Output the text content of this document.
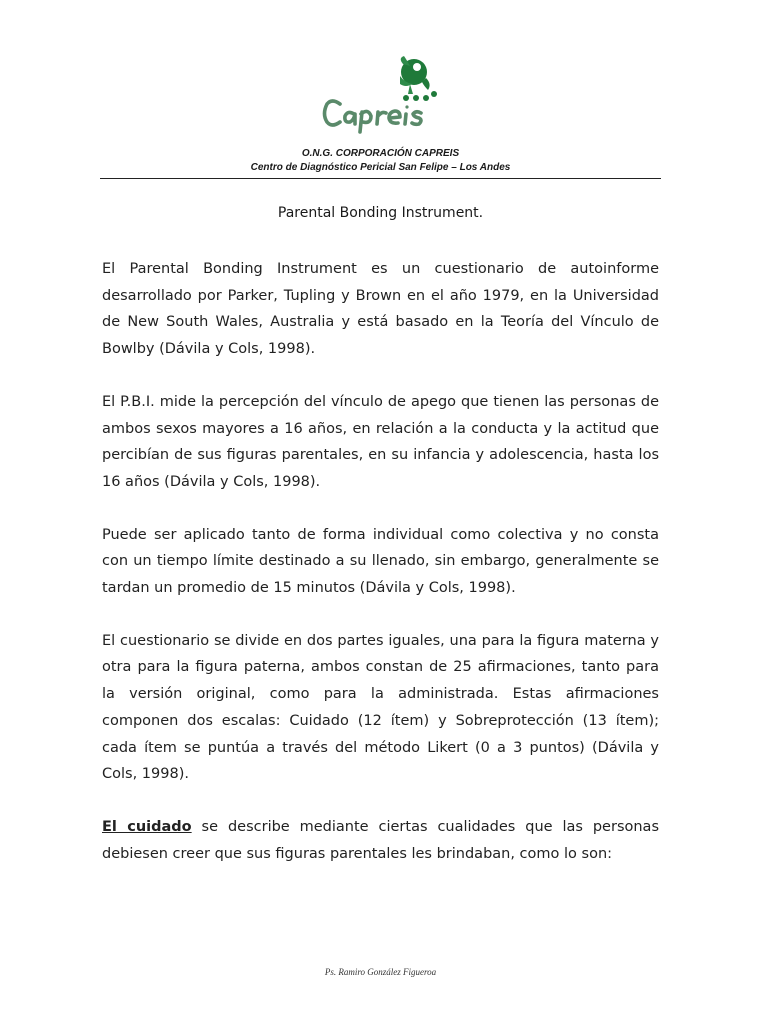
O.N.G. CORPORACIÓN CAPREIS
Centro de Diagnóstico Pericial San Felipe – Los Andes
Parental Bonding Instrument.

El Parental Bonding Instrument es un cuestionario de autoinforme desarrollado por Parker, Tupling y Brown en el año 1979, en la Universidad de New South Wales, Australia y está basado en la Teoría del Vínculo de Bowlby (Dávila y Cols, 1998).

El P.B.I. mide la percepción del vínculo de apego que tienen las personas de ambos sexos mayores a 16 años, en relación a la conducta y la actitud que percibían de sus figuras parentales, en su infancia y adolescencia, hasta los 16 años (Dávila y Cols, 1998).

Puede ser aplicado tanto de forma individual como colectiva y no consta con un tiempo límite destinado a su llenado, sin embargo, generalmente se tardan un promedio de 15 minutos (Dávila y Cols, 1998).

El cuestionario se divide en dos partes iguales, una para la figura materna y otra para la figura paterna, ambos constan de 25 afirmaciones, tanto para la versión original, como para la administrada. Estas afirmaciones componen dos escalas: Cuidado (12 ítem) y Sobreprotección (13 ítem); cada ítem se puntúa a través del método Likert (0 a 3 puntos) (Dávila y Cols, 1998).

El cuidado se describe mediante ciertas cualidades que las personas debiesen creer que sus figuras parentales les brindaban, como lo son:

Ps. Ramiro González Figueroa
